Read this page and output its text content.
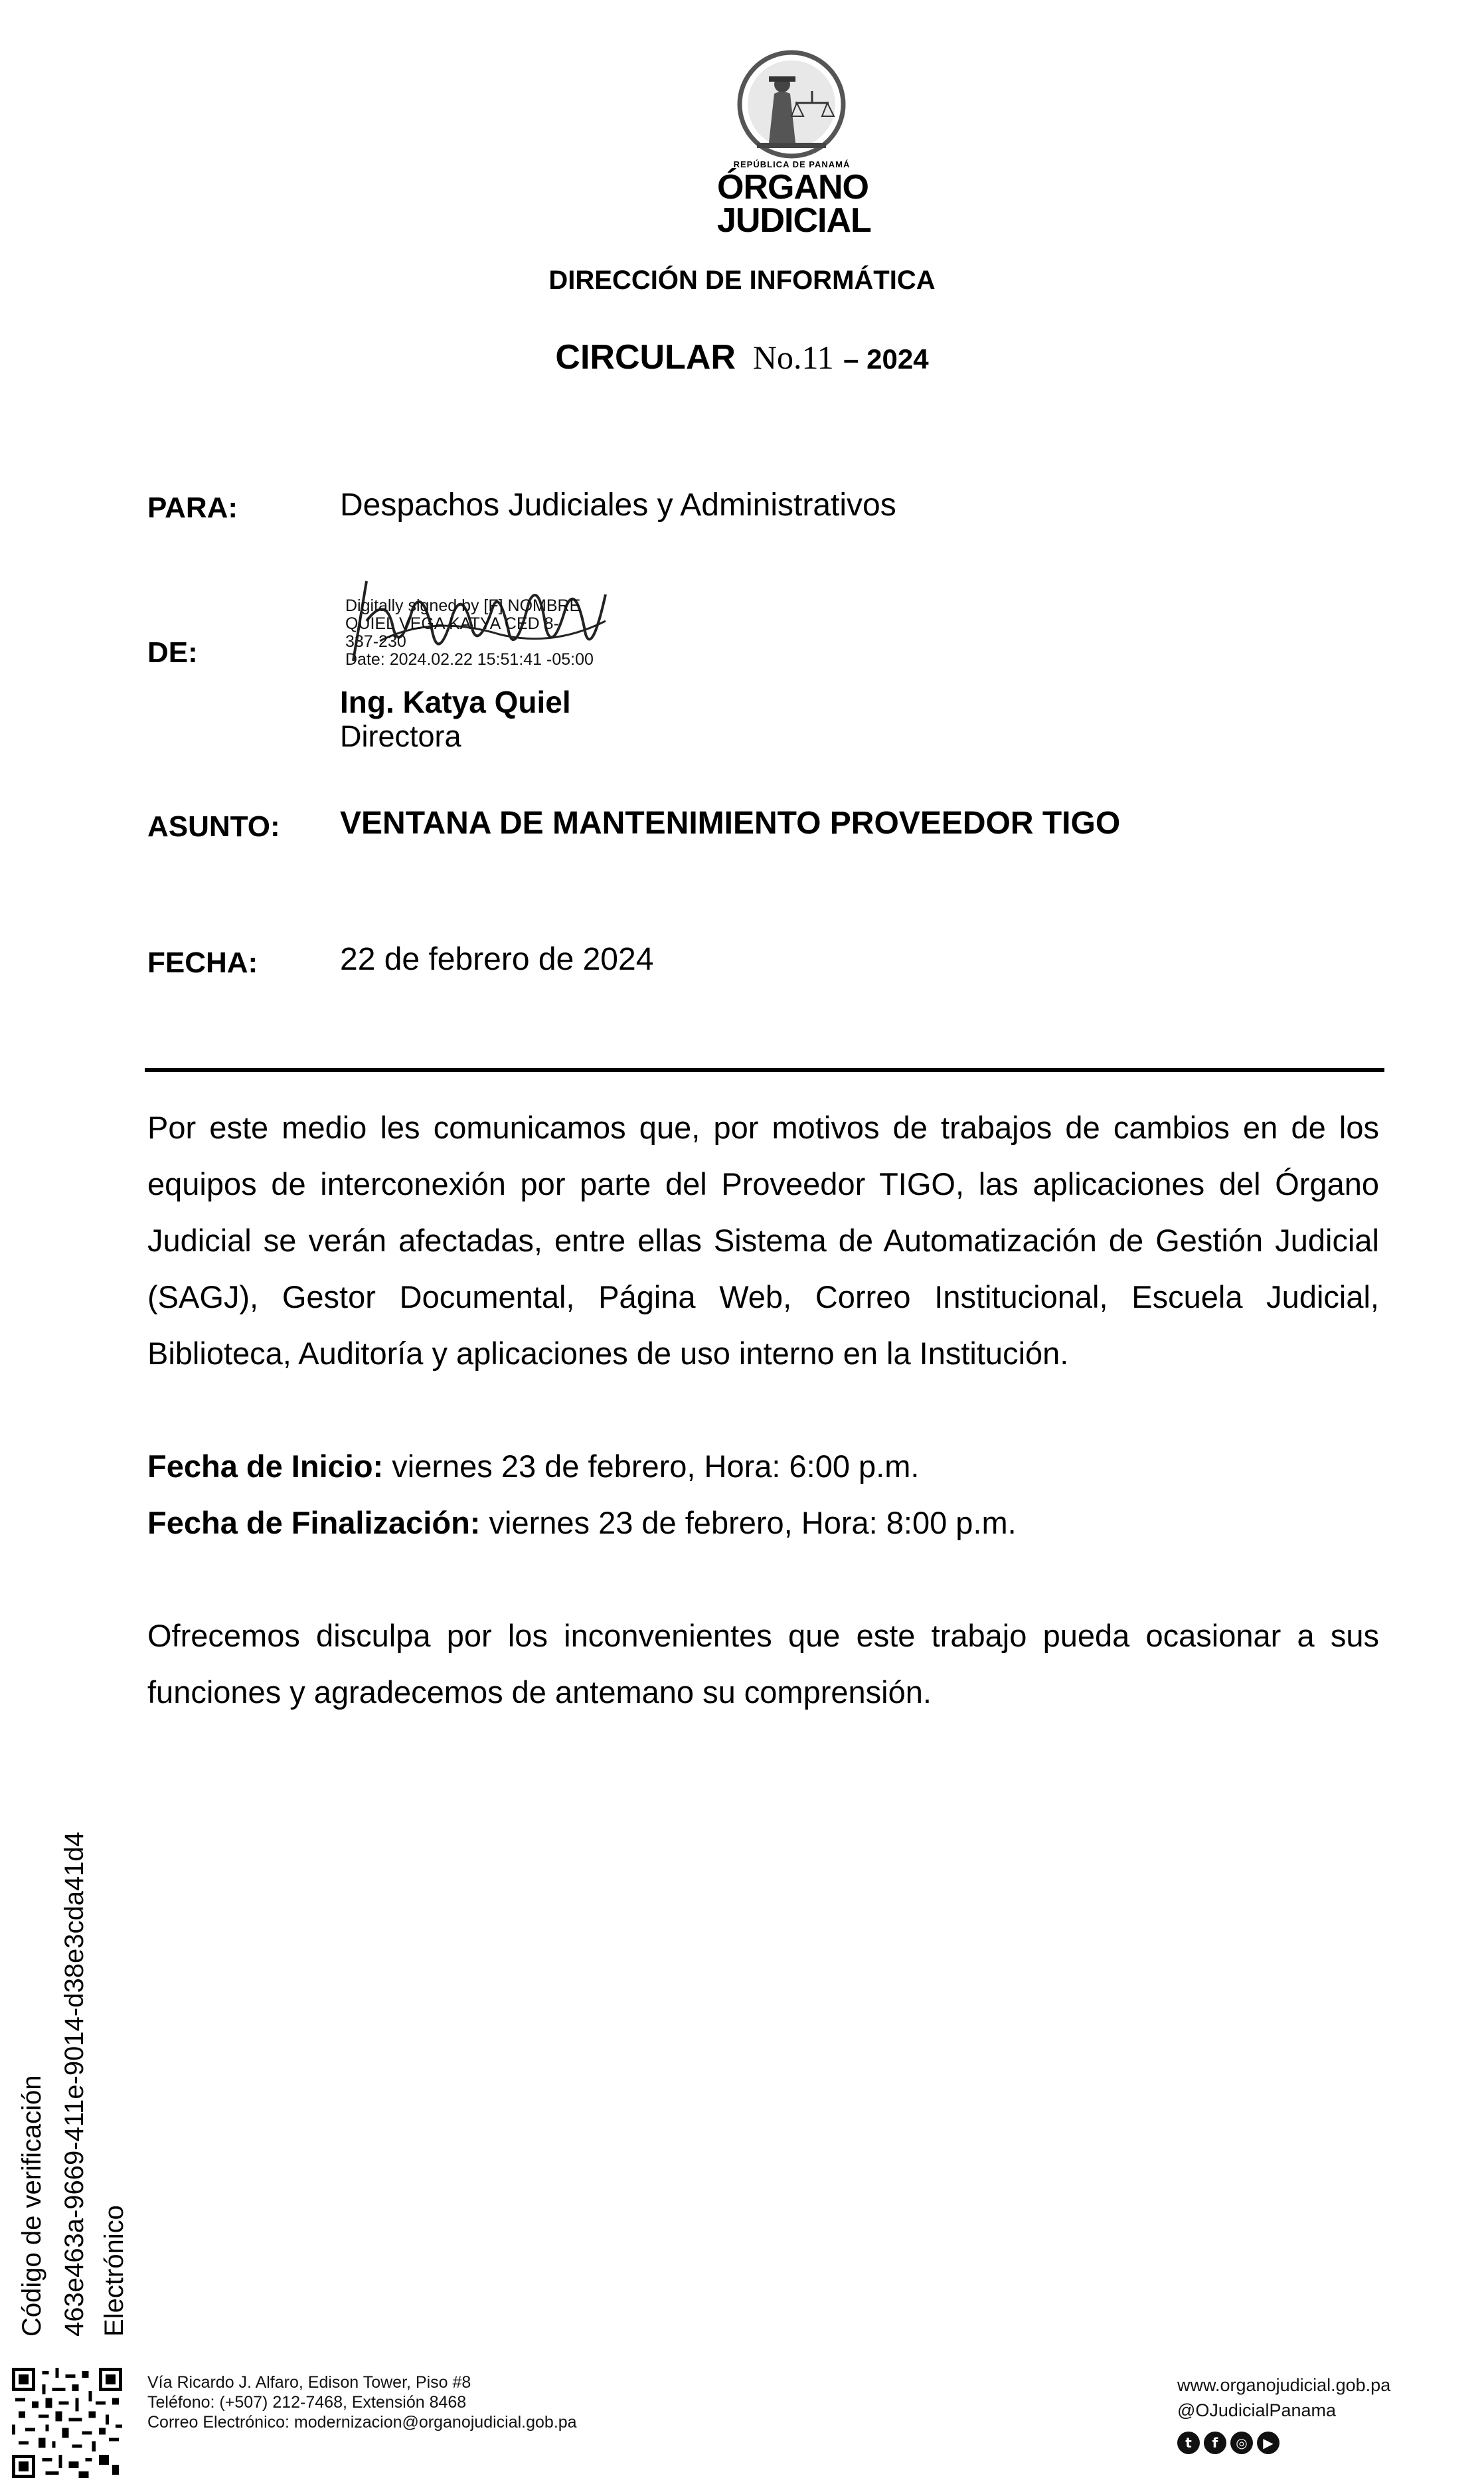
REPÚBLICA DE PANAMÁ
ÓRGANO
JUDICIAL
DIRECCIÓN DE INFORMÁTICA
CIRCULAR No.11 – 2024
PARA:	Despachos Judiciales y Administrativos
DE:
Digitally signed by [F] NOMBRE
QUIEL VEGA KATYA CED 8-
337-230
Date: 2024.02.22 15:51:41 -05:00
Ing. Katya Quiel
Directora
ASUNTO: VENTANA DE MANTENIMIENTO PROVEEDOR TIGO
FECHA:	22 de febrero de 2024
Por este medio les comunicamos que, por motivos de trabajos de cambios en de los
equipos de interconexión por parte del Proveedor TIGO, las aplicaciones del Órgano
Judicial se verán afectadas, entre ellas Sistema de Automatización de Gestión Judicial
(SAGJ), Gestor Documental, Página Web, Correo Institucional, Escuela Judicial,
Biblioteca, Auditoría y aplicaciones de uso interno en la Institución.
Fecha de Inicio: viernes 23 de febrero, Hora: 6:00 p.m.
Fecha de Finalización: viernes 23 de febrero, Hora: 8:00 p.m.
Ofrecemos disculpa por los inconvenientes que este trabajo pueda ocasionar a sus
funciones y agradecemos de antemano su comprensión.
Código de verificación 463e463a-9669-411e-9014-d38e3cda41d4 Electrónico
Vía Ricardo J. Alfaro, Edison Tower, Piso #8
Teléfono: (+507) 212-7468, Extensión 8468
Correo Electrónico: modernizacion@organojudicial.gob.pa
www.organojudicial.gob.pa
@OJudicialPanama
t	f	◎	▶
